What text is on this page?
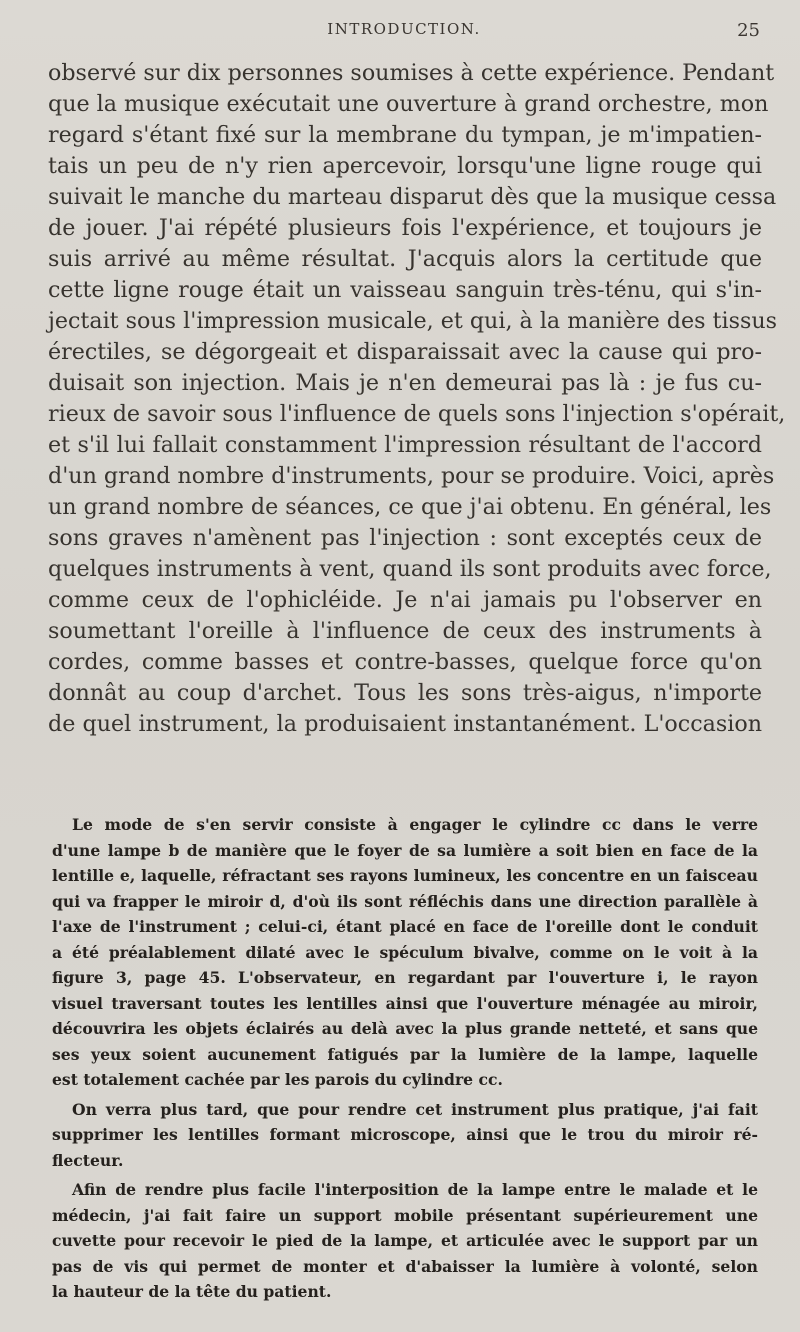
INTRODUCTION.	25
observé sur dix personnes soumises à cette expérience. Pendant
que la musique exécutait une ouverture à grand orchestre, mon
regard s'étant fixé sur la membrane du tympan, je m'impatien-
tais un peu de n'y rien apercevoir, lorsqu'une ligne rouge qui
suivait le manche du marteau disparut dès que la musique cessa
de jouer. J'ai répété plusieurs fois l'expérience, et toujours je
suis arrivé au même résultat. J'acquis alors la certitude que
cette ligne rouge était un vaisseau sanguin très-ténu, qui s'in-
jectait sous l'impression musicale, et qui, à la manière des tissus
érectiles, se dégorgeait et disparaissait avec la cause qui pro-
duisait son injection. Mais je n'en demeurai pas là : je fus cu-
rieux de savoir sous l'influence de quels sons l'injection s'opérait,
et s'il lui fallait constamment l'impression résultant de l'accord
d'un grand nombre d'instruments, pour se produire. Voici, après
un grand nombre de séances, ce que j'ai obtenu. En général, les
sons graves n'amènent pas l'injection : sont exceptés ceux de
quelques instruments à vent, quand ils sont produits avec force,
comme ceux de l'ophicléide. Je n'ai jamais pu l'observer en
soumettant l'oreille à l'influence de ceux des instruments à
cordes, comme basses et contre-basses, quelque force qu'on
donnât au coup d'archet. Tous les sons très-aigus, n'importe
de quel instrument, la produisaient instantanément. L'occasion
Le mode de s'en servir consiste à engager le cylindre cc dans le verre
d'une lampe b de manière que le foyer de sa lumière a soit bien en face de la
lentille e, laquelle, réfractant ses rayons lumineux, les concentre en un faisceau
qui va frapper le miroir d, d'où ils sont réfléchis dans une direction parallèle à
l'axe de l'instrument ; celui-ci, étant placé en face de l'oreille dont le conduit
a été préalablement dilaté avec le spéculum bivalve, comme on le voit à la
figure 3, page 45. L'observateur, en regardant par l'ouverture i, le rayon
visuel traversant toutes les lentilles ainsi que l'ouverture ménagée au miroir,
découvrira les objets éclairés au delà avec la plus grande netteté, et sans que
ses yeux soient aucunement fatigués par la lumière de la lampe, laquelle
est totalement cachée par les parois du cylindre cc.
On verra plus tard, que pour rendre cet instrument plus pratique, j'ai fait
supprimer les lentilles formant microscope, ainsi que le trou du miroir ré-
flecteur.
Afin de rendre plus facile l'interposition de la lampe entre le malade et le
médecin, j'ai fait faire un support mobile présentant supérieurement une
cuvette pour recevoir le pied de la lampe, et articulée avec le support par un
pas de vis qui permet de monter et d'abaisser la lumière à volonté, selon
la hauteur de la tête du patient.
